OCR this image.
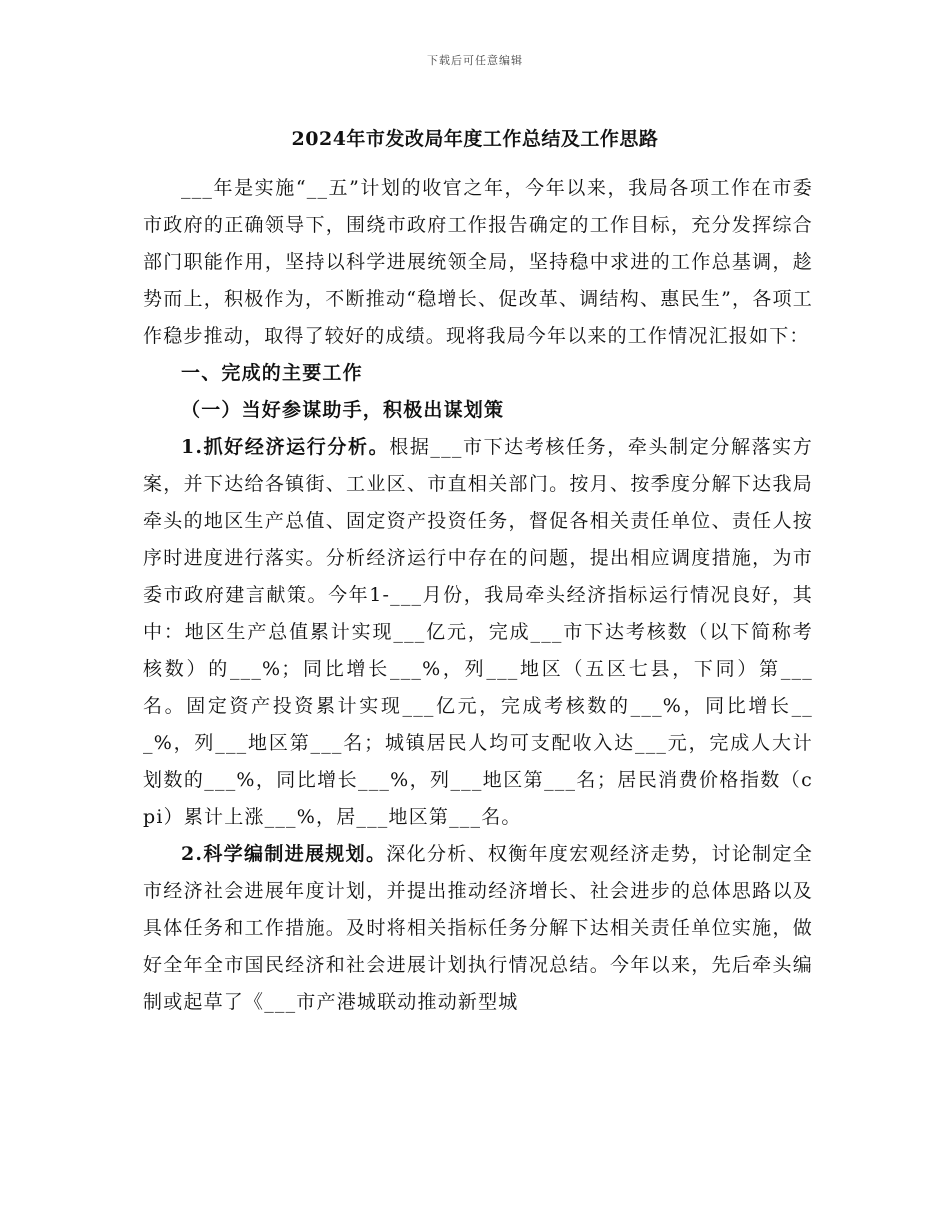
下载后可任意编辑
2024年市发改局年度工作总结及工作思路

___年是实施“__五”计划的收官之年，今年以来，我局各项工作在市委市政府的正确领导下，围绕市政府工作报告确定的工作目标，充分发挥综合部门职能作用，坚持以科学进展统领全局，坚持稳中求进的工作总基调，趁势而上，积极作为，不断推动“稳增长、促改革、调结构、惠民生”，各项工作稳步推动，取得了较好的成绩。现将我局今年以来的工作情况汇报如下：

一、完成的主要工作

（一）当好参谋助手，积极出谋划策

1.抓好经济运行分析。根据___市下达考核任务，牵头制定分解落实方案，并下达给各镇街、工业区、市直相关部门。按月、按季度分解下达我局牵头的地区生产总值、固定资产投资任务，督促各相关责任单位、责任人按序时进度进行落实。分析经济运行中存在的问题，提出相应调度措施，为市委市政府建言献策。今年1-___月份，我局牵头经济指标运行情况良好，其中：地区生产总值累计实现___亿元，完成___市下达考核数（以下简称考核数）的___%；同比增长___%，列___地区（五区七县，下同）第___名。固定资产投资累计实现___亿元，完成考核数的___%，同比增长___%，列___地区第___名；城镇居民人均可支配收入达___元，完成人大计划数的___%，同比增长___%，列___地区第___名；居民消费价格指数（cpi）累计上涨___%，居___地区第___名。

2.科学编制进展规划。深化分析、权衡年度宏观经济走势，讨论制定全市经济社会进展年度计划，并提出推动经济增长、社会进步的总体思路以及具体任务和工作措施。及时将相关指标任务分解下达相关责任单位实施，做好全年全市国民经济和社会进展计划执行情况总结。今年以来，先后牵头编制或起草了《___市产港城联动推动新型城
